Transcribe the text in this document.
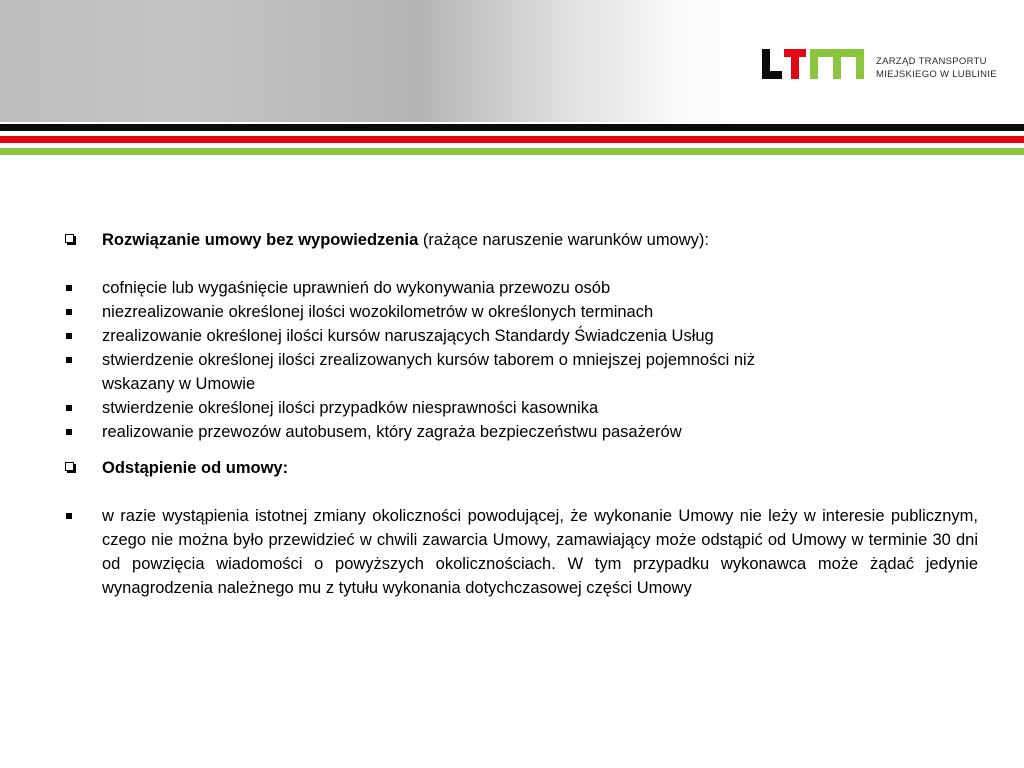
ZARZĄD TRANSPORTU
MIEJSKIEGO W LUBLINIE
Rozwiązanie umowy bez wypowiedzenia (rażące naruszenie warunków umowy):
cofnięcie lub wygaśnięcie uprawnień do wykonywania przewozu osób
niezrealizowanie określonej ilości wozokilometrów w określonych terminach
zrealizowanie określonej ilości kursów naruszających Standardy Świadczenia Usług
stwierdzenie określonej ilości zrealizowanych kursów taborem o mniejszej pojemności niż
wskazany w Umowie
stwierdzenie określonej ilości przypadków niesprawności kasownika
realizowanie przewozów autobusem, który zagraża bezpieczeństwu pasażerów
Odstąpienie od umowy:
w razie wystąpienia istotnej zmiany okoliczności powodującej, że wykonanie Umowy nie leży w interesie publicznym, czego nie można było przewidzieć w chwili zawarcia Umowy, zamawiający może odstąpić od Umowy w terminie 30 dni od powzięcia wiadomości o powyższych okolicznościach. W tym przypadku wykonawca może żądać jedynie wynagrodzenia należnego mu z tytułu wykonania dotychczasowej części Umowy
